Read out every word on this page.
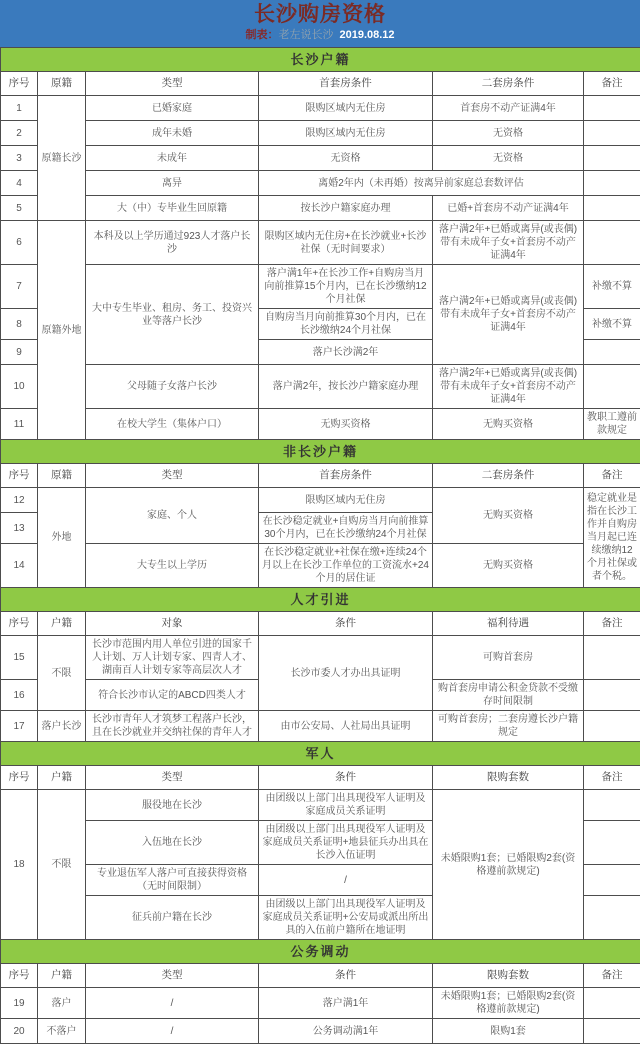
长沙购房资格
制表：老左说长沙 2019.08.12
长沙户籍					
序号	原籍	类型	首套房条件	二套房条件	备注
1	原籍长沙	已婚家庭	限购区域内无住房	首套房不动产证满4年	
2		成年未婚	限购区域内无住房	无资格	
3		未成年	无资格	无资格	
4		离异	离婚2年内（未再婚）按离异前家庭总套数评估		
5		大（中）专毕业生回原籍	按长沙户籍家庭办理	已婚+首套房不动产证满4年	
6	原籍外地	本科及以上学历通过923人才落户长沙	限购区域内无住房+在长沙就业+长沙社保（无时间要求）	落户满2年+已婚或离异(或丧偶)带有未成年子女+首套房不动产证满4年	
7		大中专生毕业、租房、务工、投资兴业等落户长沙	落户满1年+在长沙工作+自购房当月向前推算15个月内，已在长沙缴纳12个月社保	落户满2年+已婚或离异(或丧偶)带有未成年子女+首套房不动产证满4年	补缴不算
8			自购房当月向前推算30个月内，已在长沙缴纳24个月社保		补缴不算
9			落户长沙满2年		
10		父母随子女落户长沙	落户满2年，按长沙户籍家庭办理	落户满2年+已婚或离异(或丧偶)带有未成年子女+首套房不动产证满4年	
11		在校大学生（集体户口）	无购买资格	无购买资格	教职工遵前款规定
非长沙户籍					
序号	原籍	类型	首套房条件	二套房条件	备注
12	外地	家庭、个人	限购区域内无住房	无购买资格	稳定就业是指在长沙工作并自购房当月起已连续缴纳12个月社保或者个税。
13			在长沙稳定就业+自购房当月向前推算30个月内，已在长沙缴纳24个月社保		
14		大专生以上学历	在长沙稳定就业+社保在缴+连续24个月以上在长沙工作单位的工资流水+24个月的居住证	无购买资格	
人才引进					
序号	户籍	对象	条件	福利待遇	备注
15	不限	长沙市范围内用人单位引进的国家千人计划、万人计划专家、四青人才、湖南百人计划专家等高层次人才	长沙市委人才办出具证明	可购首套房	
16		符合长沙市认定的ABCD四类人才		购首套房申请公积金贷款不受缴存时间限制	
17	落户长沙	长沙市青年人才筑梦工程落户长沙，且在长沙就业并交纳社保的青年人才	由市公安局、人社局出具证明	可购首套房；二套房遵长沙户籍规定	
军人					
序号	户籍	类型	条件	限购套数	备注
18	不限	服役地在长沙	由团级以上部门出具现役军人证明及家庭成员关系证明	未婚限购1套；已婚限购2套(资格遵前款规定)	
		入伍地在长沙	由团级以上部门出具现役军人证明及家庭成员关系证明+地县征兵办出具在长沙入伍证明		
		专业退伍军人落户可直接获得资格（无时间限制）	/		
		征兵前户籍在长沙	由团级以上部门出具现役军人证明及家庭成员关系证明+公安局或派出所出具的入伍前户籍所在地证明		
公务调动					
序号	户籍	类型	条件	限购套数	备注
19	落户	/	落户满1年	未婚限购1套；已婚限购2套(资格遵前款规定)	
20	不落户	/	公务调动满1年	限购1套	
